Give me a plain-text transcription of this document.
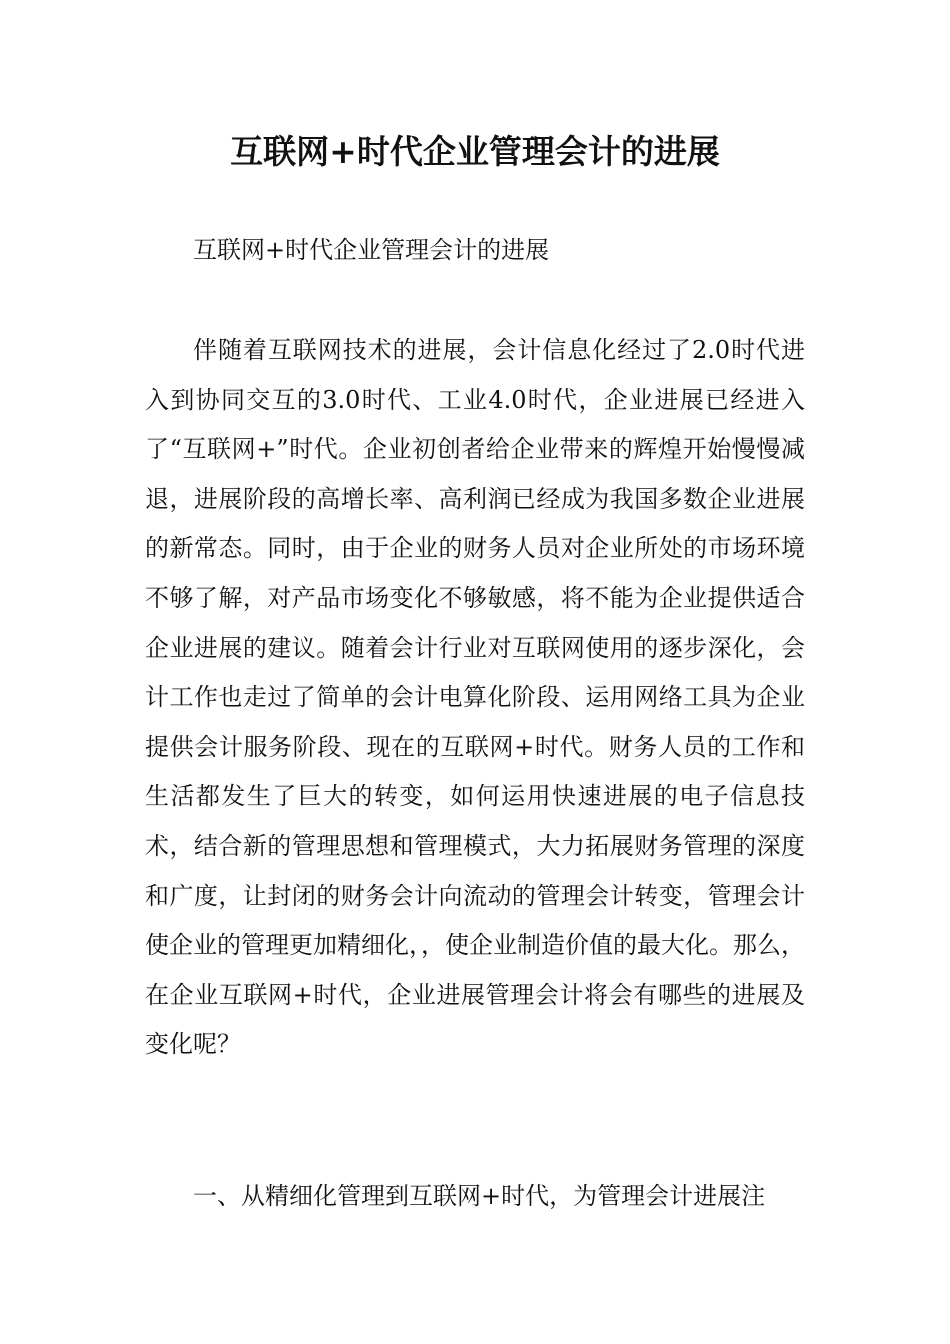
互联网+时代企业管理会计的进展

互联网+时代企业管理会计的进展

伴随着互联网技术的进展，会计信息化经过了2.0时代进入到协同交互的3.0时代、工业4.0时代，企业进展已经进入了“互联网+”时代。企业初创者给企业带来的辉煌开始慢慢减退，进展阶段的高增长率、高利润已经成为我国多数企业进展的新常态。同时，由于企业的财务人员对企业所处的市场环境不够了解，对产品市场变化不够敏感，将不能为企业提供适合企业进展的建议。随着会计行业对互联网使用的逐步深化，会计工作也走过了简单的会计电算化阶段、运用网络工具为企业提供会计服务阶段、现在的互联网+时代。财务人员的工作和生活都发生了巨大的转变，如何运用快速进展的电子信息技术，结合新的管理思想和管理模式，大力拓展财务管理的深度和广度，让封闭的财务会计向流动的管理会计转变，管理会计使企业的管理更加精细化，，使企业制造价值的最大化。那么，在企业互联网+时代，企业进展管理会计将会有哪些的进展及变化呢？

一、从精细化管理到互联网+时代，为管理会计进展注
